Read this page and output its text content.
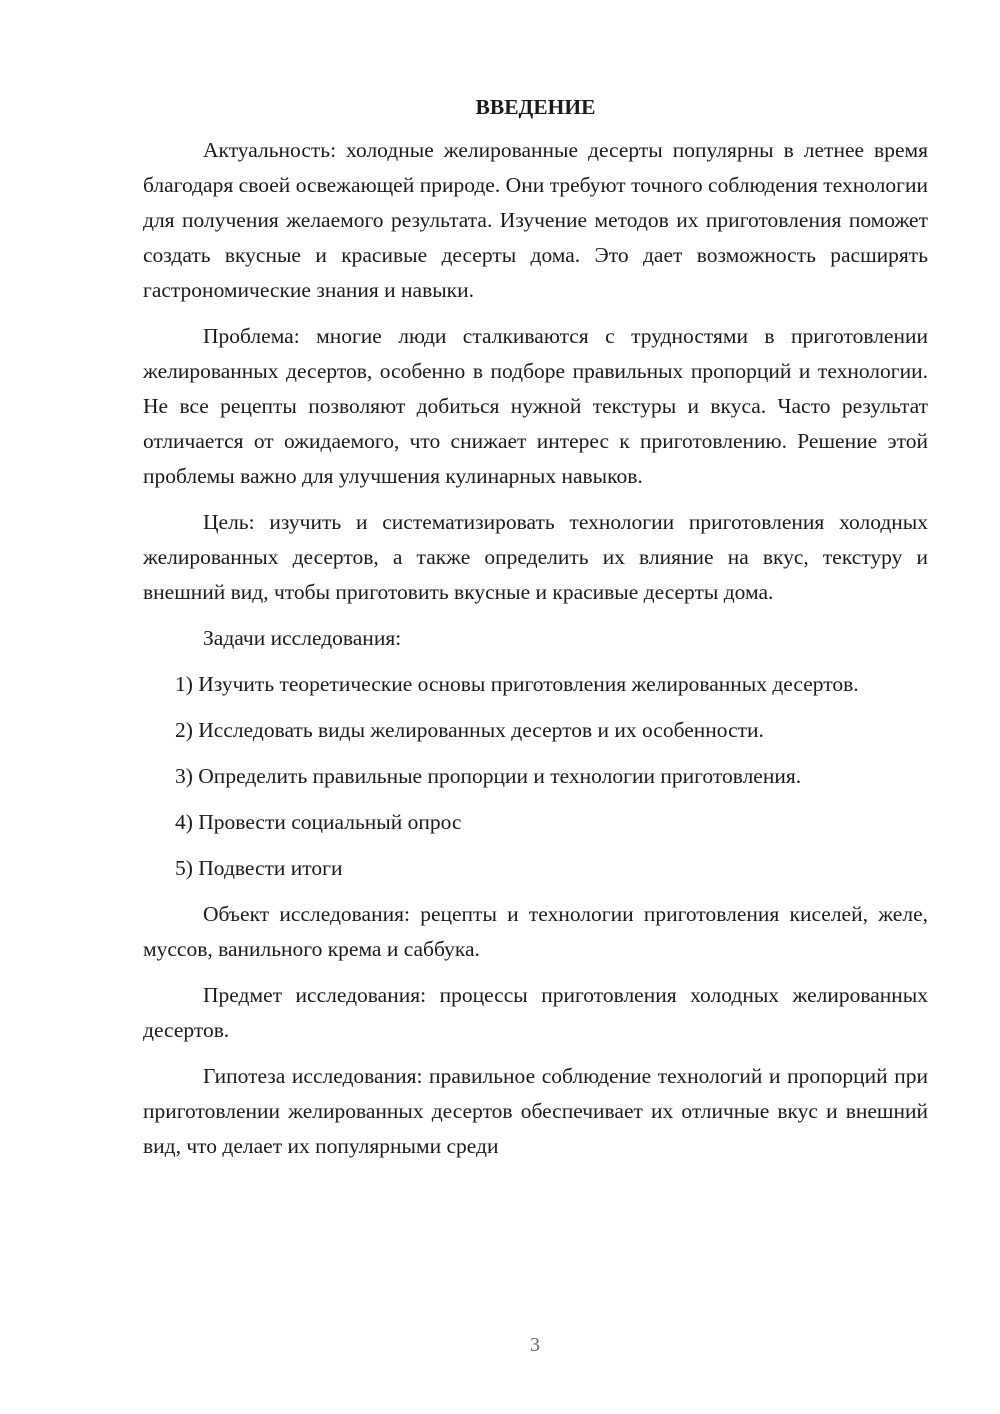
ВВЕДЕНИЕ

Актуальность: холодные желированные десерты популярны в летнее время благодаря своей освежающей природе. Они требуют точного соблюдения технологии для получения желаемого результата. Изучение методов их приготовления поможет создать вкусные и красивые десерты дома. Это дает возможность расширять гастрономические знания и навыки.

Проблема: многие люди сталкиваются с трудностями в приготовлении желированных десертов, особенно в подборе правильных пропорций и технологии. Не все рецепты позволяют добиться нужной текстуры и вкуса. Часто результат отличается от ожидаемого, что снижает интерес к приготовлению. Решение этой проблемы важно для улучшения кулинарных навыков.

Цель: изучить и систематизировать технологии приготовления холодных желированных десертов, а также определить их влияние на вкус, текстуру и внешний вид, чтобы приготовить вкусные и красивые десерты дома.

Задачи исследования:

1) Изучить теоретические основы приготовления желированных десертов.

2) Исследовать виды желированных десертов и их особенности.

3) Определить правильные пропорции и технологии приготовления.

4) Провести социальный опрос

5) Подвести итоги

Объект исследования: рецепты и технологии приготовления киселей, желе, муссов, ванильного крема и саббука.

Предмет исследования: процессы приготовления холодных желированных десертов.

Гипотеза исследования: правильное соблюдение технологий и пропорций при приготовлении желированных десертов обеспечивает их отличные вкус и внешний вид, что делает их популярными среди

3
